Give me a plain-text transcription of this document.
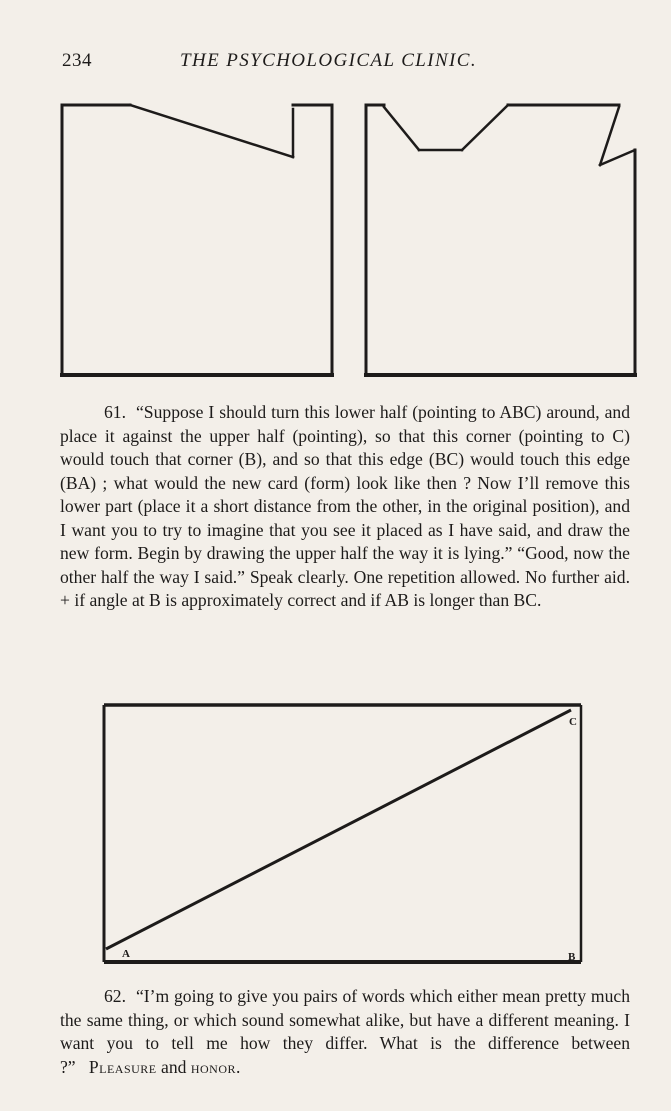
234	THE PSYCHOLOGICAL CLINIC.

61. “Suppose I should turn this lower half (pointing to ABC) around, and place it against the upper half (pointing), so that this corner (pointing to C) would touch that corner (B), and so that this edge (BC) would touch this edge (BA) ; what would the new card (form) look like then ? Now I’ll remove this lower part (place it a short distance from the other, in the original position), and I want you to try to imagine that you see it placed as I have said, and draw the new form. Begin by drawing the upper half the way it is lying.” “Good, now the other half the way I said.” Speak clearly. One repetition allowed. No further aid. + if angle at B is approximately correct and if AB is longer than BC.

A	B
C

62. “I’m going to give you pairs of words which either mean pretty much the same thing, or which sound somewhat alike, but have a different meaning. I want you to tell me how they differ. What is the difference between ?” Pleasure and honor.
